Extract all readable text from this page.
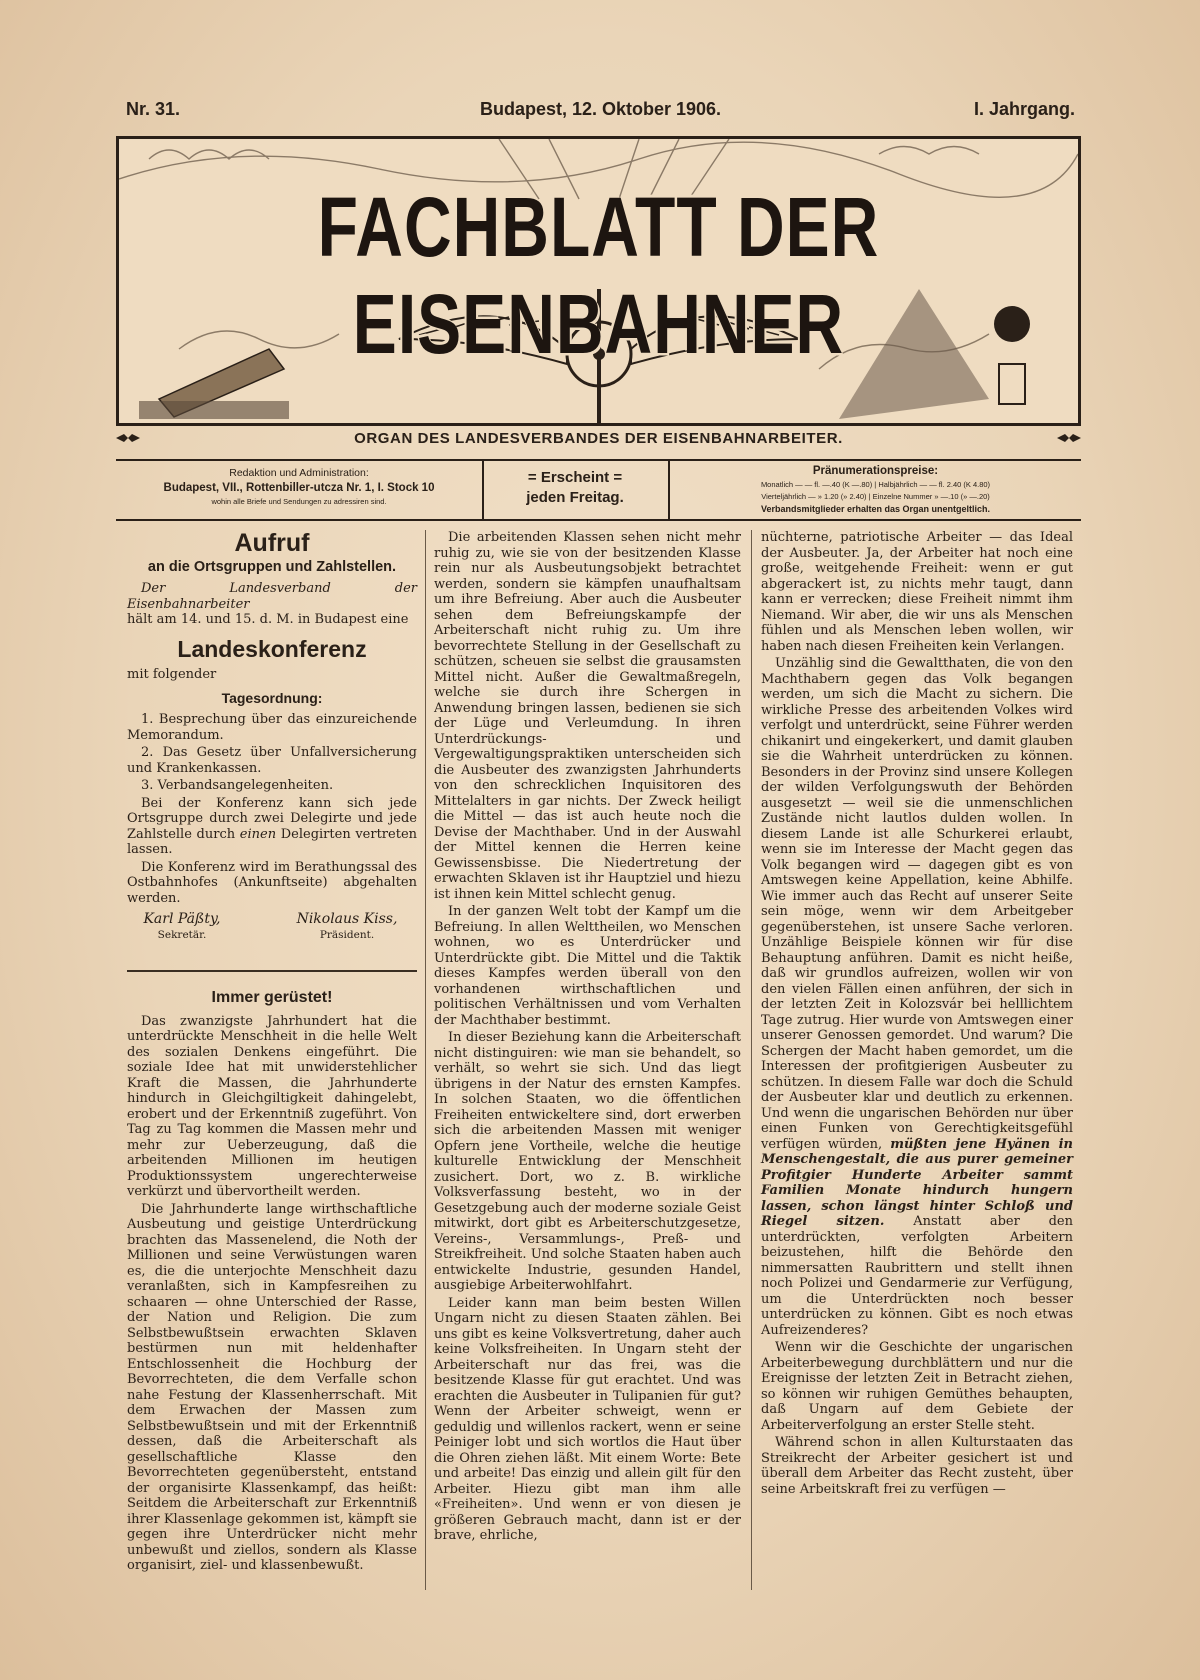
Nr. 31.	Budapest, 12. Oktober 1906.	I. Jahrgang.
FACHBLATT DER EISENBAHNER
ORGAN DES LANDESVERBANDES DER EISENBAHNARBEITER.
Redaktion und Administration:
Budapest, VII., Rottenbiller-utcza Nr. 1, I. Stock 10
wohin alle Briefe und Sendungen zu adressiren sind.
= Erscheint =
jeden Freitag.
Pränumerationspreise:
Monatlich — — fl. —.40 (K —.80) | Halbjährlich — — fl. 2.40 (K 4.80)
Vierteljährlich — » 1.20 (» 2.40) | Einzelne Nummer » —.10 (» —.20)
Verbandsmitglieder erhalten das Organ unentgeltlich.
Aufruf
an die Ortsgruppen und Zahlstellen.

Der Landesverband der Eisenbahnarbeiter
hält am 14. und 15. d. M. in Budapest eine

Landeskonferenz

mit folgender

Tagesordnung:

1. Besprechung über das einzureichende Memorandum.

2. Das Gesetz über Unfallversicherung und Krankenkassen.

3. Verbandsangelegenheiten.

Bei der Konferenz kann sich jede Ortsgruppe durch zwei Delegirte und jede Zahlstelle durch einen Delegirten vertreten lassen.

Die Konferenz wird im Berathungssal des Ostbahnhofes (Ankunftseite) abgehalten werden.

Karl Päßty,
Sekretär.
Nikolaus Kiss,
Präsident.
Immer gerüstet!

Das zwanzigste Jahrhundert hat die unterdrückte Menschheit in die helle Welt des sozialen Denkens eingeführt. Die soziale Idee hat mit unwiderstehlicher Kraft die Massen, die Jahrhunderte hindurch in Gleichgiltigkeit dahingelebt, erobert und der Erkenntniß zugeführt. Von Tag zu Tag kommen die Massen mehr und mehr zur Ueberzeugung, daß die arbeitenden Millionen im heutigen Produktionssystem ungerechterweise verkürzt und übervortheilt werden.

Die Jahrhunderte lange wirthschaftliche Ausbeutung und geistige Unterdrückung brachten das Massenelend, die Noth der Millionen und seine Verwüstungen waren es, die die unterjochte Menschheit dazu veranlaßten, sich in Kampfesreihen zu schaaren — ohne Unterschied der Rasse, der Nation und Religion. Die zum Selbstbewußtsein erwachten Sklaven bestürmen nun mit heldenhafter Entschlossenheit die Hochburg der Bevorrechteten, die dem Verfalle schon nahe Festung der Klassenherrschaft. Mit dem Erwachen der Massen zum Selbstbewußtsein und mit der Erkenntniß dessen, daß die Arbeiterschaft als gesellschaftliche Klasse den Bevorrechteten gegenübersteht, entstand der organisirte Klassenkampf, das heißt: Seitdem die Arbeiterschaft zur Erkenntniß ihrer Klassenlage gekommen ist, kämpft sie gegen ihre Unterdrücker nicht mehr unbewußt und ziellos, sondern als Klasse organisirt, ziel- und klassenbewußt.

Die arbeitenden Klassen sehen nicht mehr ruhig zu, wie sie von der besitzenden Klasse rein nur als Ausbeutungsobjekt betrachtet werden, sondern sie kämpfen unaufhaltsam um ihre Befreiung. Aber auch die Ausbeuter sehen dem Befreiungskampfe der Arbeiterschaft nicht ruhig zu. Um ihre bevorrechtete Stellung in der Gesellschaft zu schützen, scheuen sie selbst die grausamsten Mittel nicht. Außer die Gewaltmaßregeln, welche sie durch ihre Schergen in Anwendung bringen lassen, bedienen sie sich der Lüge und Verleumdung. In ihren Unterdrückungs- und Vergewaltigungspraktiken unterscheiden sich die Ausbeuter des zwanzigsten Jahrhunderts von den schrecklichen Inquisitoren des Mittelalters in gar nichts. Der Zweck heiligt die Mittel — das ist auch heute noch die Devise der Machthaber. Und in der Auswahl der Mittel kennen die Herren keine Gewissensbisse. Die Niedertretung der erwachten Sklaven ist ihr Hauptziel und hiezu ist ihnen kein Mittel schlecht genug.

In der ganzen Welt tobt der Kampf um die Befreiung. In allen Welttheilen, wo Menschen wohnen, wo es Unterdrücker und Unterdrückte gibt. Die Mittel und die Taktik dieses Kampfes werden überall von den vorhandenen wirthschaftlichen und politischen Verhältnissen und vom Verhalten der Machthaber bestimmt.

In dieser Beziehung kann die Arbeiterschaft nicht distinguiren: wie man sie behandelt, so verhält, so wehrt sie sich. Und das liegt übrigens in der Natur des ernsten Kampfes. In solchen Staaten, wo die öffentlichen Freiheiten entwickeltere sind, dort erwerben sich die arbeitenden Massen mit weniger Opfern jene Vortheile, welche die heutige kulturelle Entwicklung der Menschheit zusichert. Dort, wo z. B. wirkliche Volksverfassung besteht, wo in der Gesetzgebung auch der moderne soziale Geist mitwirkt, dort gibt es Arbeiterschutzgesetze, Vereins-, Versammlungs-, Preß- und Streikfreiheit. Und solche Staaten haben auch entwickelte Industrie, gesunden Handel, ausgiebige Arbeiterwohlfahrt.

Leider kann man beim besten Willen Ungarn nicht zu diesen Staaten zählen. Bei uns gibt es keine Volksvertretung, daher auch keine Volksfreiheiten. In Ungarn steht der Arbeiterschaft nur das frei, was die besitzende Klasse für gut erachtet. Und was erachten die Ausbeuter in Tulipanien für gut? Wenn der Arbeiter schweigt, wenn er geduldig und willenlos rackert, wenn er seine Peiniger lobt und sich wortlos die Haut über die Ohren ziehen läßt. Mit einem Worte: Bete und arbeite! Das einzig und allein gilt für den Arbeiter. Hiezu gibt man ihm alle «Freiheiten». Und wenn er von diesen je größeren Gebrauch macht, dann ist er der brave, ehrliche,

nüchterne, patriotische Arbeiter — das Ideal der Ausbeuter. Ja, der Arbeiter hat noch eine große, weitgehende Freiheit: wenn er gut abgerackert ist, zu nichts mehr taugt, dann kann er verrecken; diese Freiheit nimmt ihm Niemand. Wir aber, die wir uns als Menschen fühlen und als Menschen leben wollen, wir haben nach diesen Freiheiten kein Verlangen.

Unzählig sind die Gewaltthaten, die von den Machthabern gegen das Volk begangen werden, um sich die Macht zu sichern. Die wirkliche Presse des arbeitenden Volkes wird verfolgt und unterdrückt, seine Führer werden chikanirt und eingekerkert, und damit glauben sie die Wahrheit unterdrücken zu können. Besonders in der Provinz sind unsere Kollegen der wilden Verfolgungswuth der Behörden ausgesetzt — weil sie die unmenschlichen Zustände nicht lautlos dulden wollen. In diesem Lande ist alle Schurkerei erlaubt, wenn sie im Interesse der Macht gegen das Volk begangen wird — dagegen gibt es von Amtswegen keine Appellation, keine Abhilfe. Wie immer auch das Recht auf unserer Seite sein möge, wenn wir dem Arbeitgeber gegenüberstehen, ist unsere Sache verloren. Unzählige Beispiele können wir für dise Behauptung anführen. Damit es nicht heiße, daß wir grundlos aufreizen, wollen wir von den vielen Fällen einen anführen, der sich in der letzten Zeit in Kolozsvár bei helllichtem Tage zutrug. Hier wurde von Amtswegen einer unserer Genossen gemordet. Und warum? Die Schergen der Macht haben gemordet, um die Interessen der profitgierigen Ausbeuter zu schützen. In diesem Falle war doch die Schuld der Ausbeuter klar und deutlich zu erkennen. Und wenn die ungarischen Behörden nur über einen Funken von Gerechtigkeitsgefühl verfügen würden, müßten jene Hyänen in Menschengestalt, die aus purer gemeiner Profitgier Hunderte Arbeiter sammt Familien Monate hindurch hungern lassen, schon längst hinter Schloß und Riegel sitzen. Anstatt aber den unterdrückten, verfolgten Arbeitern beizustehen, hilft die Behörde den nimmersatten Raubrittern und stellt ihnen noch Polizei und Gendarmerie zur Verfügung, um die Unterdrückten noch besser unterdrücken zu können. Gibt es noch etwas Aufreizenderes?

Wenn wir die Geschichte der ungarischen Arbeiterbewegung durchblättern und nur die Ereignisse der letzten Zeit in Betracht ziehen, so können wir ruhigen Gemüthes behaupten, daß Ungarn auf dem Gebiete der Arbeiterverfolgung an erster Stelle steht.

Während schon in allen Kulturstaaten das Streikrecht der Arbeiter gesichert ist und überall dem Arbeiter das Recht zusteht, über seine Arbeitskraft frei zu verfügen —
